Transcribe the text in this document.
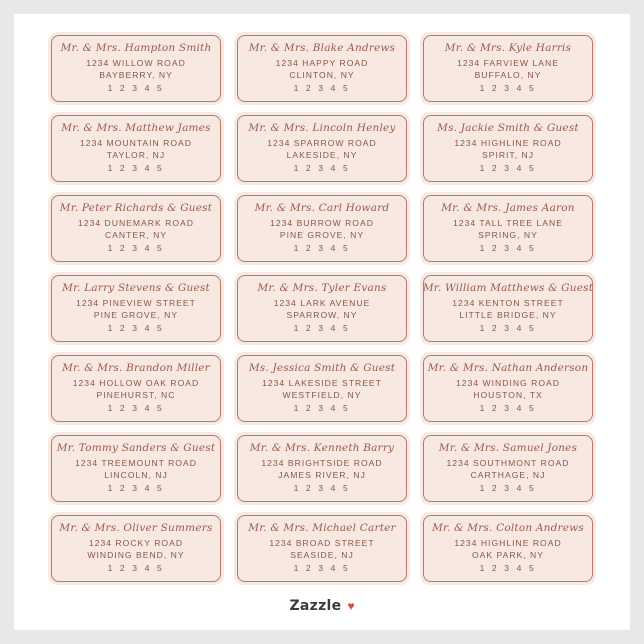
Mr. & Mrs. Hampton Smith
1234 WILLOW ROAD
BAYBERRY, NY
1 2 3 4 5
Mr. & Mrs. Blake Andrews
1234 HAPPY ROAD
CLINTON, NY
1 2 3 4 5
Mr. & Mrs. Kyle Harris
1234 FARVIEW LANE
BUFFALO, NY
1 2 3 4 5
Mr. & Mrs. Matthew James
1234 MOUNTAIN ROAD
TAYLOR, NJ
1 2 3 4 5
Mr. & Mrs. Lincoln Henley
1234 SPARROW ROAD
LAKESIDE, NY
1 2 3 4 5
Ms. Jackie Smith & Guest
1234 HIGHLINE ROAD
SPIRIT, NJ
1 2 3 4 5
Mr. Peter Richards & Guest
1234 DUNEMARK ROAD
CANTER, NY
1 2 3 4 5
Mr. & Mrs. Carl Howard
1234 BURROW ROAD
PINE GROVE, NY
1 2 3 4 5
Mr. & Mrs. James Aaron
1234 TALL TREE LANE
SPRING, NY
1 2 3 4 5
Mr. Larry Stevens & Guest
1234 PINEVIEW STREET
PINE GROVE, NY
1 2 3 4 5
Mr. & Mrs. Tyler Evans
1234 LARK AVENUE
SPARROW, NY
1 2 3 4 5
Mr. William Matthews & Guest
1234 KENTON STREET
LITTLE BRIDGE, NY
1 2 3 4 5
Mr. & Mrs. Brandon Miller
1234 HOLLOW OAK ROAD
PINEHURST, NC
1 2 3 4 5
Ms. Jessica Smith & Guest
1234 LAKESIDE STREET
WESTFIELD, NY
1 2 3 4 5
Mr. & Mrs. Nathan Anderson
1234 WINDING ROAD
HOUSTON, TX
1 2 3 4 5
Mr. Tommy Sanders & Guest
1234 TREEMOUNT ROAD
LINCOLN, NJ
1 2 3 4 5
Mr. & Mrs. Kenneth Barry
1234 BRIGHTSIDE ROAD
JAMES RIVER, NJ
1 2 3 4 5
Mr. & Mrs. Samuel Jones
1234 SOUTHMONT ROAD
CARTHAGE, NJ
1 2 3 4 5
Mr. & Mrs. Oliver Summers
1234 ROCKY ROAD
WINDING BEND, NY
1 2 3 4 5
Mr. & Mrs. Michael Carter
1234 BROAD STREET
SEASIDE, NJ
1 2 3 4 5
Mr. & Mrs. Colton Andrews
1234 HIGHLINE ROAD
OAK PARK, NY
1 2 3 4 5
Zazzle ♥
